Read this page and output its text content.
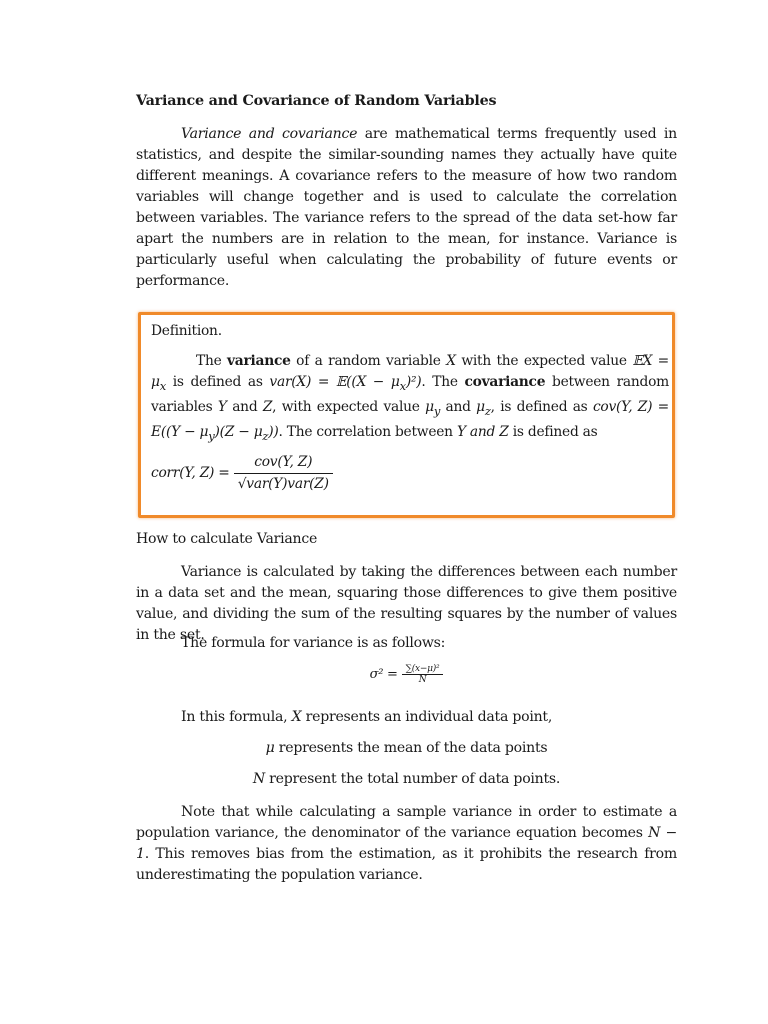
Variance and Covariance of Random Variables
Variance and covariance are mathematical terms frequently used in statistics, and despite the similar-sounding names they actually have quite different meanings. A covariance refers to the measure of how two random variables will change together and is used to calculate the correlation between variables. The variance refers to the spread of the data set-how far apart the numbers are in relation to the mean, for instance. Variance is particularly useful when calculating the probability of future events or performance.
Definition.
The variance of a random variable X with the expected value 𝔼X = $\mu_x$ is defined as var(X) = 𝔼((X − $\mu_x)^2$). The covariance between random variables Y and Z, with expected value $\mu_y$ and $\mu_z$, is defined as cov(Y, $Z) = E((Y - \mu_y)(Z - \mu_z))$. The correlation between Y and Z is defined as
corr(Y, $Z) = \frac{\text{cov(Y, Z)}}{\text{√var(Y)var(Z)}}$
How to calculate Variance
Variance is calculated by taking the differences between each number in a data set and the mean, squaring those differences to give them positive value, and dividing the sum of the resulting squares by the number of values in the set.
The formula for variance is as follows:
$\sigma^2 = \frac{\text{∑(x−μ)²}}{N}$
In this formula, X represents an individual data point,
μ represents the mean of the data points
N represent the total number of data points.
Note that while calculating a sample variance in order to estimate a population variance, the denominator of the variance equation becomes N − 1. This removes bias from the estimation, as it prohibits the research from underestimating the population variance.
